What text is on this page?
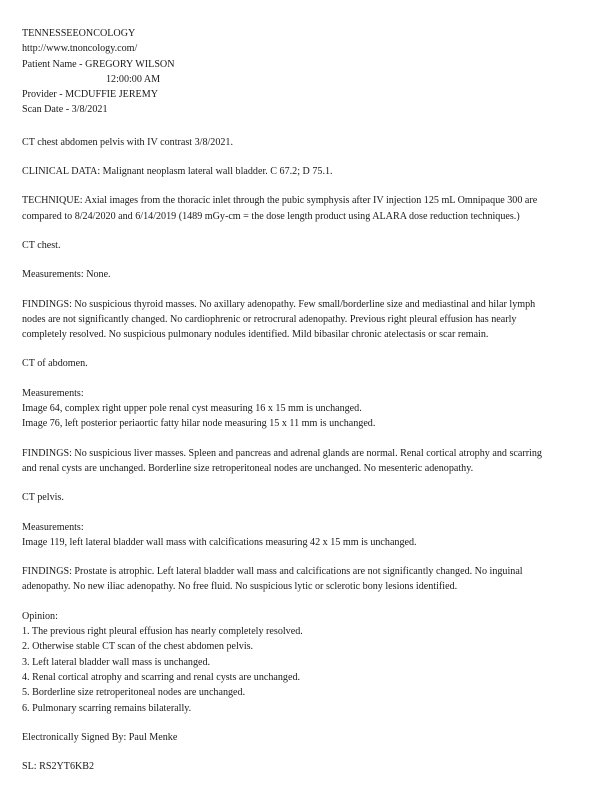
TENNESSEEONCOLOGY
http://www.tnoncology.com/
Patient Name - GREGORY WILSON
12:00:00 AM
Provider - MCDUFFIE JEREMY
Scan Date - 3/8/2021
CT chest abdomen pelvis with IV contrast 3/8/2021.
CLINICAL DATA: Malignant neoplasm lateral wall bladder. C 67.2; D 75.1.
TECHNIQUE: Axial images from the thoracic inlet through the pubic symphysis after IV injection 125 mL Omnipaque 300 are
compared to 8/24/2020 and 6/14/2019 (1489 mGy-cm = the dose length product using ALARA dose reduction techniques.)
CT chest.
Measurements: None.
FINDINGS: No suspicious thyroid masses. No axillary adenopathy. Few small/borderline size and mediastinal and hilar lymph
nodes are not significantly changed. No cardiophrenic or retrocrural adenopathy. Previous right pleural effusion has nearly
completely resolved. No suspicious pulmonary nodules identified. Mild bibasilar chronic atelectasis or scar remain.
CT of abdomen.
Measurements:
Image 64, complex right upper pole renal cyst measuring 16 x 15 mm is unchanged.
Image 76, left posterior periaortic fatty hilar node measuring 15 x 11 mm is unchanged.
FINDINGS: No suspicious liver masses. Spleen and pancreas and adrenal glands are normal. Renal cortical atrophy and scarring
and renal cysts are unchanged. Borderline size retroperitoneal nodes are unchanged. No mesenteric adenopathy.
CT pelvis.
Measurements:
Image 119, left lateral bladder wall mass with calcifications measuring 42 x 15 mm is unchanged.
FINDINGS: Prostate is atrophic. Left lateral bladder wall mass and calcifications are not significantly changed. No inguinal
adenopathy. No new iliac adenopathy. No free fluid. No suspicious lytic or sclerotic bony lesions identified.
Opinion:
1. The previous right pleural effusion has nearly completely resolved.
2. Otherwise stable CT scan of the chest abdomen pelvis.
3. Left lateral bladder wall mass is unchanged.
4. Renal cortical atrophy and scarring and renal cysts are unchanged.
5. Borderline size retroperitoneal nodes are unchanged.
6. Pulmonary scarring remains bilaterally.
Electronically Signed By: Paul Menke
SL: RS2YT6KB2
